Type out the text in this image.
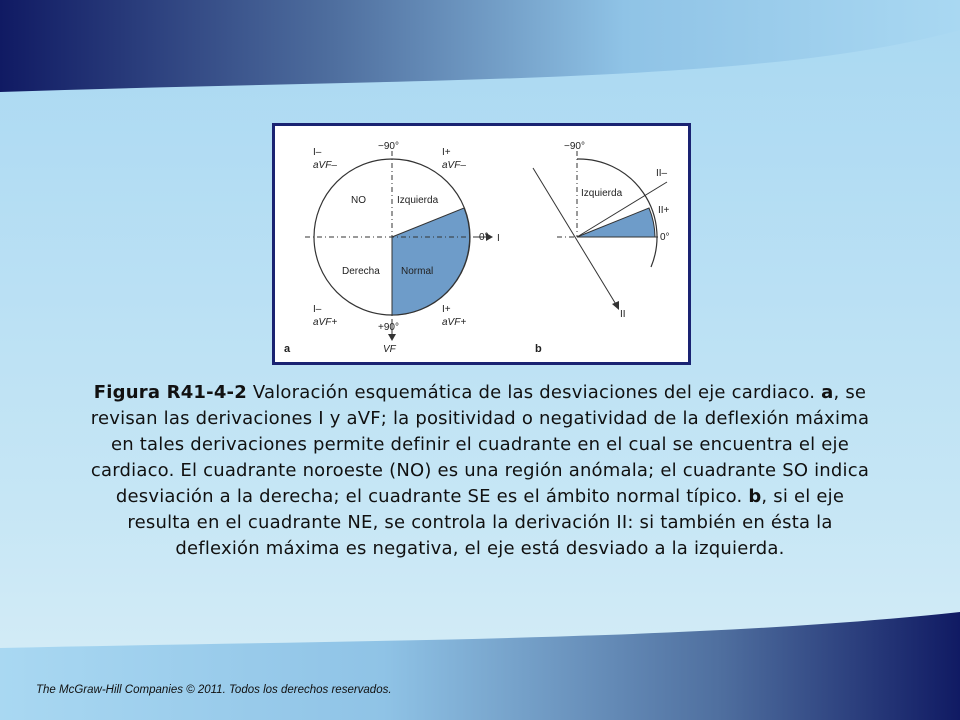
−90°
0° I
+90°
VF
I–
aVF–
I+
aVF–
I–
aVF+
I+
aVF+
NO	Izquierda
Derecha Normal
a
−90°
0°
Izquierda
II–
II+
II
b
Figura R41-4-2 Valoración esquemática de las desviaciones del eje cardiaco. a, se revisan las derivaciones I y aVF; la positividad o negatividad de la deflexión máxima en tales derivaciones permite definir el cuadrante en el cual se encuentra el eje cardiaco. El cuadrante noroeste (NO) es una región anómala; el cuadrante SO indica desviación a la derecha; el cuadrante SE es el ámbito normal típico. b, si el eje resulta en el cuadrante NE, se controla la derivación II: si también en ésta la deflexión máxima es negativa, el eje está desviado a la izquierda.
The McGraw-Hill Companies © 2011. Todos los derechos reservados.
